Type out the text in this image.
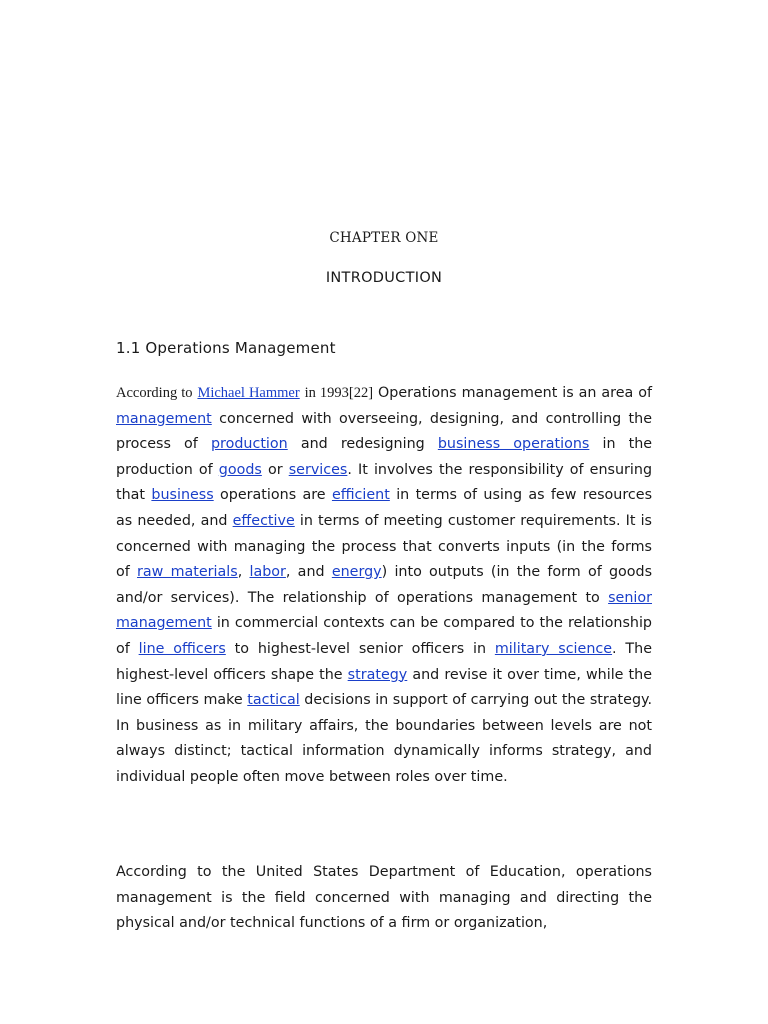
CHAPTER ONE
INTRODUCTION
1.1 Operations Management

According to Michael Hammer in 1993[22] Operations management is an area of management concerned with overseeing, designing, and controlling the process of production and redesigning business operations in the production of goods or services. It involves the responsibility of ensuring that business operations are efficient in terms of using as few resources as needed, and effective in terms of meeting customer requirements. It is concerned with managing the process that converts inputs (in the forms of raw materials, labor, and energy) into outputs (in the form of goods and/or services). The relationship of operations management to senior management in commercial contexts can be compared to the relationship of line officers to highest-level senior officers in military science. The highest-level officers shape the strategy and revise it over time, while the line officers make tactical decisions in support of carrying out the strategy. In business as in military affairs, the boundaries between levels are not always distinct; tactical information dynamically informs strategy, and individual people often move between roles over time.

According to the United States Department of Education, operations management is the field concerned with managing and directing the physical and/or technical functions of a firm or organization,
